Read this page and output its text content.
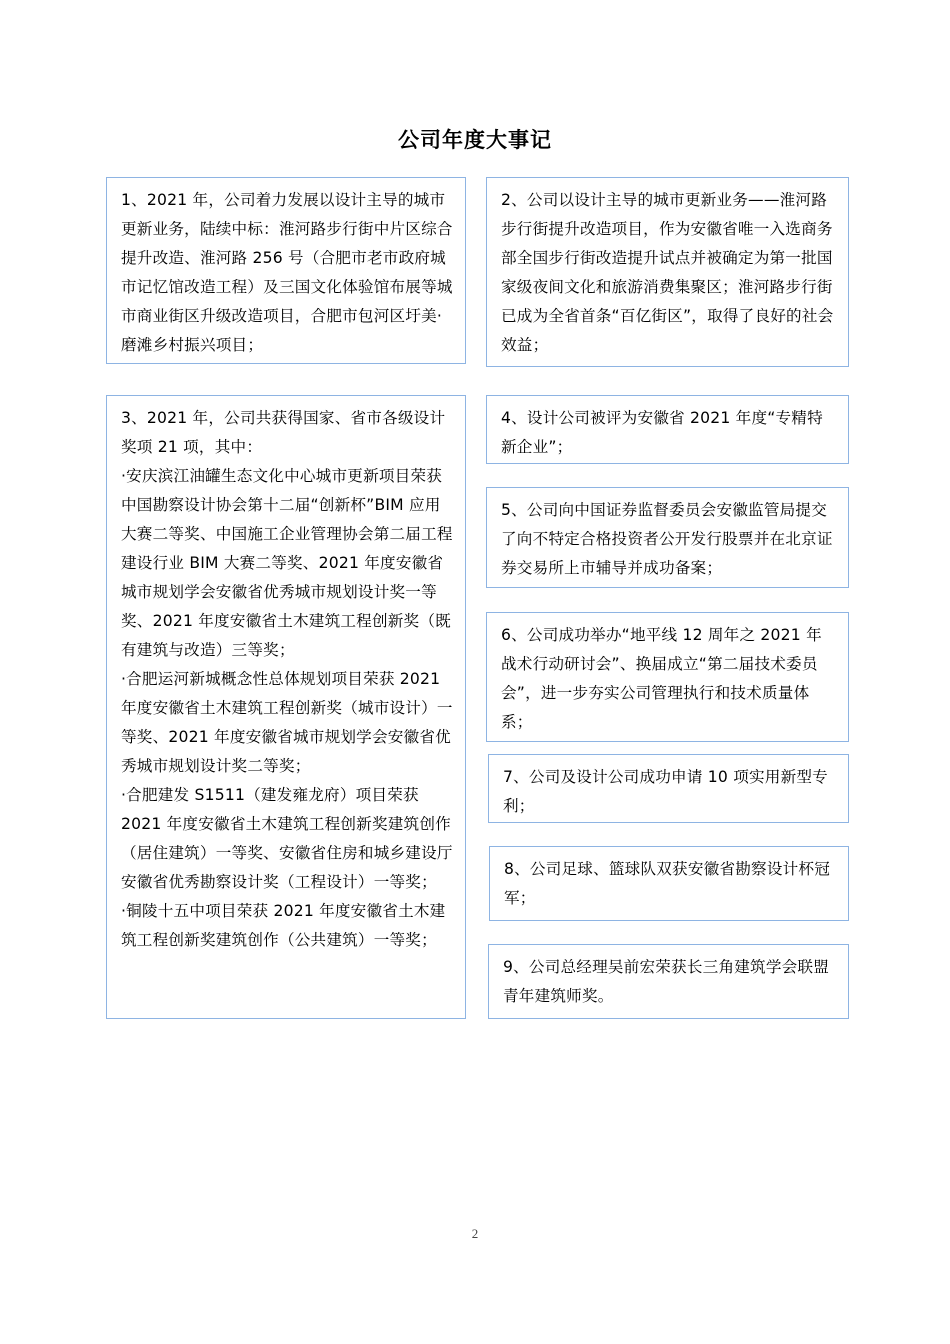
公司年度大事记

1、2021 年，公司着力发展以设计主导的城市更新业务，陆续中标：淮河路步行街中片区综合提升改造、淮河路 256 号（合肥市老市政府城市记忆馆改造工程）及三国文化体验馆布展等城市商业街区升级改造项目，合肥市包河区圩美·磨滩乡村振兴项目；

2、公司以设计主导的城市更新业务——淮河路步行街提升改造项目，作为安徽省唯一入选商务部全国步行街改造提升试点并被确定为第一批国家级夜间文化和旅游消费集聚区；淮河路步行街已成为全省首条“百亿街区”，取得了良好的社会效益；

3、2021 年，公司共获得国家、省市各级设计奖项 21 项，其中：

·安庆滨江油罐生态文化中心城市更新项目荣获中国勘察设计协会第十二届“创新杯”BIM 应用大赛二等奖、中国施工企业管理协会第二届工程建设行业 BIM 大赛二等奖、2021 年度安徽省城市规划学会安徽省优秀城市规划设计奖一等奖、2021 年度安徽省土木建筑工程创新奖（既有建筑与改造）三等奖；

·合肥运河新城概念性总体规划项目荣获 2021 年度安徽省土木建筑工程创新奖（城市设计）一等奖、2021 年度安徽省城市规划学会安徽省优秀城市规划设计奖二等奖；

·合肥建发 S1511（建发雍龙府）项目荣获 2021 年度安徽省土木建筑工程创新奖建筑创作（居住建筑）一等奖、安徽省住房和城乡建设厅安徽省优秀勘察设计奖（工程设计）一等奖；

·铜陵十五中项目荣获 2021 年度安徽省土木建筑工程创新奖建筑创作（公共建筑）一等奖；

4、设计公司被评为安徽省 2021 年度“专精特新企业”；

5、公司向中国证券监督委员会安徽监管局提交了向不特定合格投资者公开发行股票并在北京证券交易所上市辅导并成功备案；

6、公司成功举办“地平线 12 周年之 2021 年战术行动研讨会”、换届成立“第二届技术委员会”，进一步夯实公司管理执行和技术质量体系；

7、公司及设计公司成功申请 10 项实用新型专利；

8、公司足球、篮球队双获安徽省勘察设计杯冠军；

9、公司总经理吴前宏荣获长三角建筑学会联盟青年建筑师奖。

2
